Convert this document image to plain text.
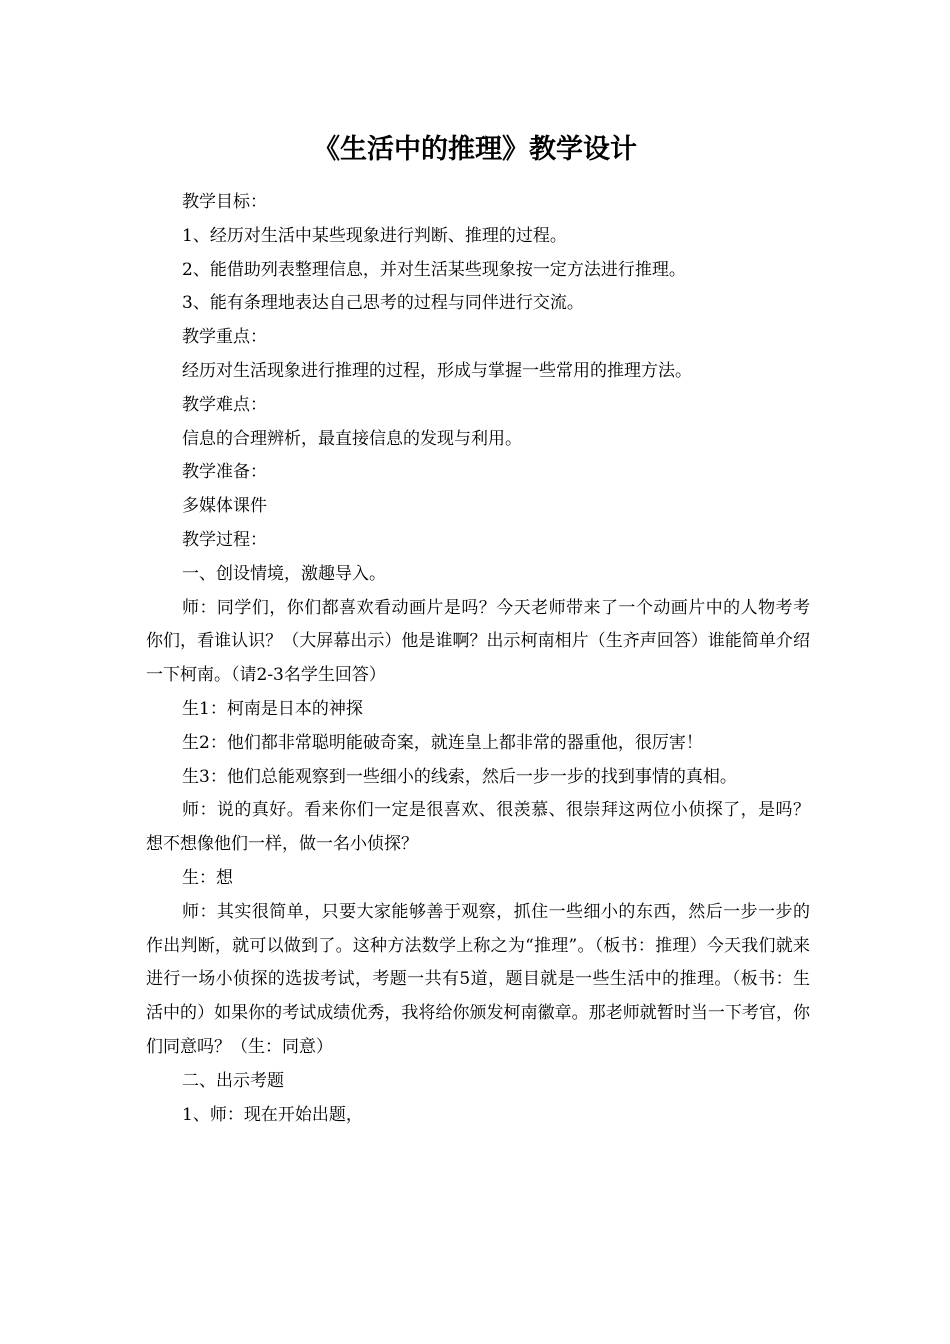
《生活中的推理》教学设计

教学目标：

1、经历对生活中某些现象进行判断、推理的过程。

2、能借助列表整理信息，并对生活某些现象按一定方法进行推理。

3、能有条理地表达自己思考的过程与同伴进行交流。

教学重点：

经历对生活现象进行推理的过程，形成与掌握一些常用的推理方法。

教学难点：

信息的合理辨析，最直接信息的发现与利用。

教学准备：

多媒体课件

教学过程：

一、创设情境，激趣导入。

师：同学们，你们都喜欢看动画片是吗？今天老师带来了一个动画片中的人物考考你们，看谁认识？（大屏幕出示）他是谁啊？出示柯南相片（生齐声回答）谁能简单介绍一下柯南。（请2-3名学生回答）

生1：柯南是日本的神探

生2：他们都非常聪明能破奇案，就连皇上都非常的器重他，很厉害！

生3：他们总能观察到一些细小的线索，然后一步一步的找到事情的真相。

师：说的真好。看来你们一定是很喜欢、很羡慕、很崇拜这两位小侦探了，是吗？想不想像他们一样，做一名小侦探？

生：想

师：其实很简单，只要大家能够善于观察，抓住一些细小的东西，然后一步一步的作出判断，就可以做到了。这种方法数学上称之为“推理”。（板书：推理）今天我们就来进行一场小侦探的选拔考试，考题一共有5道，题目就是一些生活中的推理。（板书：生活中的）如果你的考试成绩优秀，我将给你颁发柯南徽章。那老师就暂时当一下考官，你们同意吗？（生：同意）

二、出示考题

1、师：现在开始出题，
